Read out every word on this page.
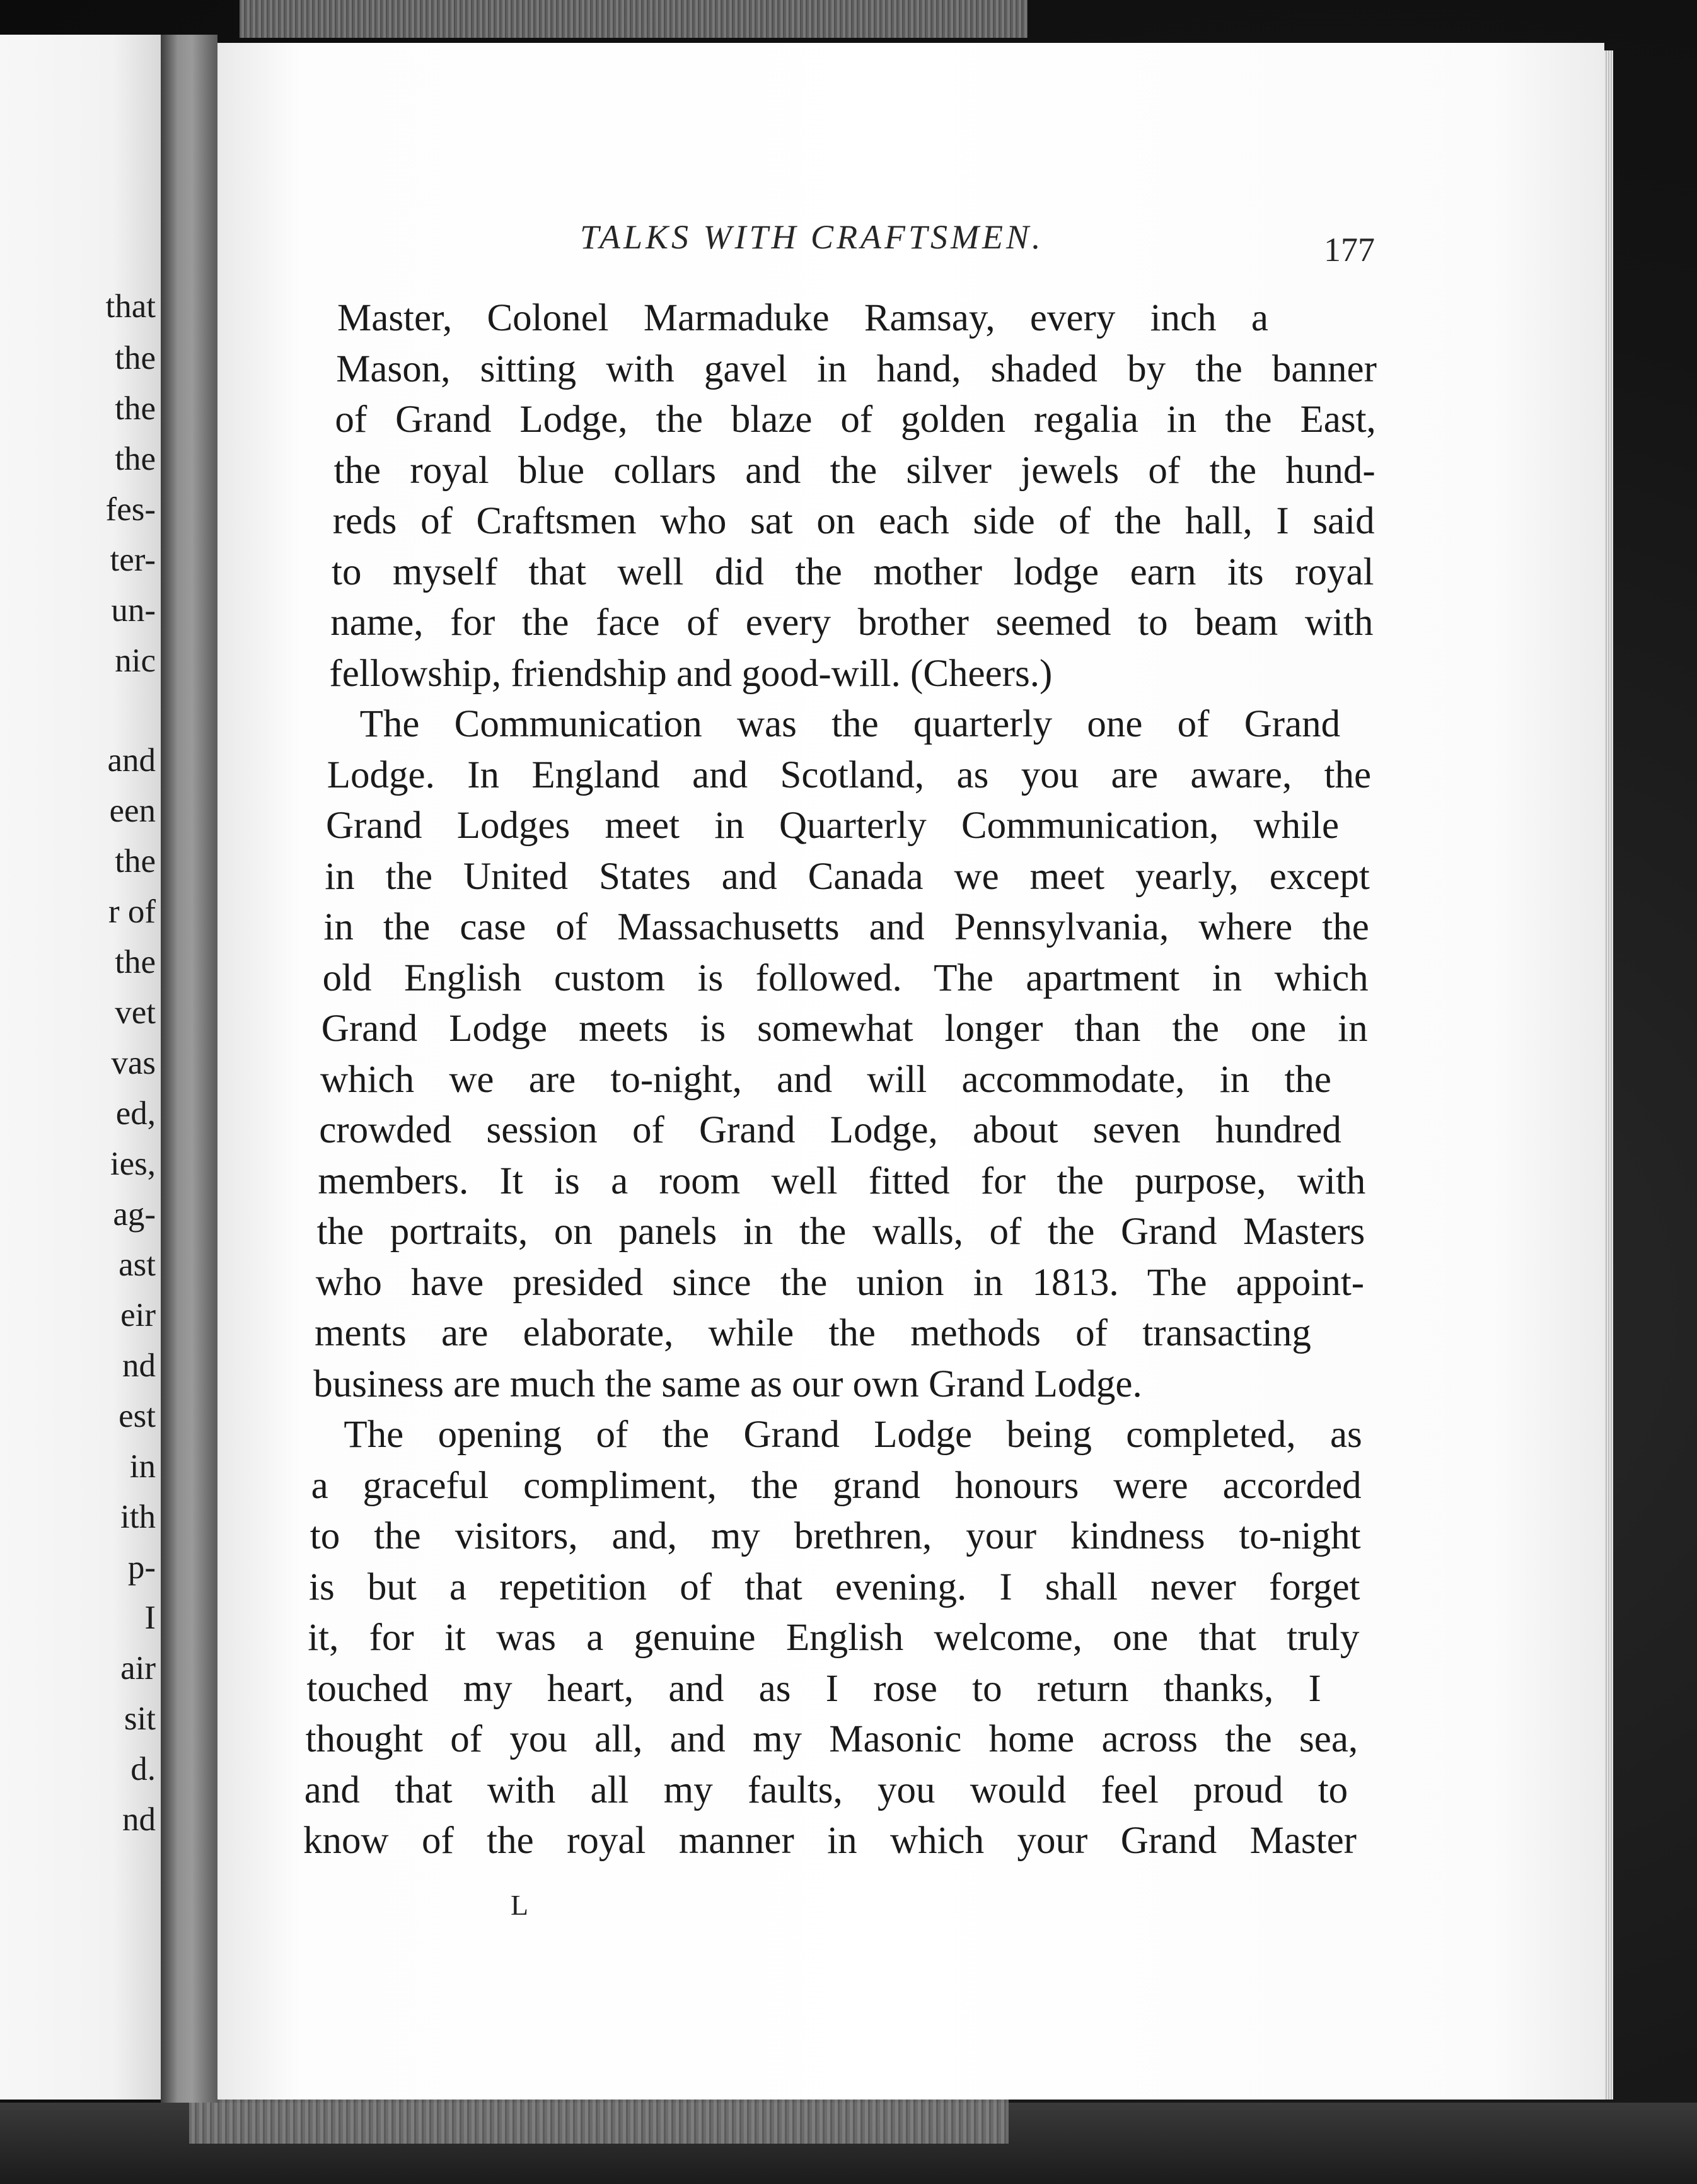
that
the
the
the
fes-
ter-
un-
nic
and
een
the
r of
the
vet
vas
ed,
ies,
ag-
ast
eir
nd
est
in
ith
p-
I
air
sit
d.
nd
TALKS WITH CRAFTSMEN.	177
Master, Colonel Marmaduke Ramsay, every inch a
Mason, sitting with gavel in hand, shaded by the banner
of Grand Lodge, the blaze of golden regalia in the East,
the royal blue collars and the silver jewels of the hund-
reds of Craftsmen who sat on each side of the hall, I said
to myself that well did the mother lodge earn its royal
name, for the face of every brother seemed to beam with
fellowship, friendship and good-will. (Cheers.)
The Communication was the quarterly one of Grand
Lodge. In England and Scotland, as you are aware, the
Grand Lodges meet in Quarterly Communication, while
in the United States and Canada we meet yearly, except
in the case of Massachusetts and Pennsylvania, where the
old English custom is followed. The apartment in which
Grand Lodge meets is somewhat longer than the one in
which we are to-night, and will accommodate, in the
crowded session of Grand Lodge, about seven hundred
members. It is a room well fitted for the purpose, with
the portraits, on panels in the walls, of the Grand Masters
who have presided since the union in 1813. The appoint-
ments are elaborate, while the methods of transacting
business are much the same as our own Grand Lodge.
The opening of the Grand Lodge being completed, as
a graceful compliment, the grand honours were accorded
to the visitors, and, my brethren, your kindness to-night
is but a repetition of that evening. I shall never forget
it, for it was a genuine English welcome, one that truly
touched my heart, and as I rose to return thanks, I
thought of you all, and my Masonic home across the sea,
and that with all my faults, you would feel proud to
know of the royal manner in which your Grand Master
L
